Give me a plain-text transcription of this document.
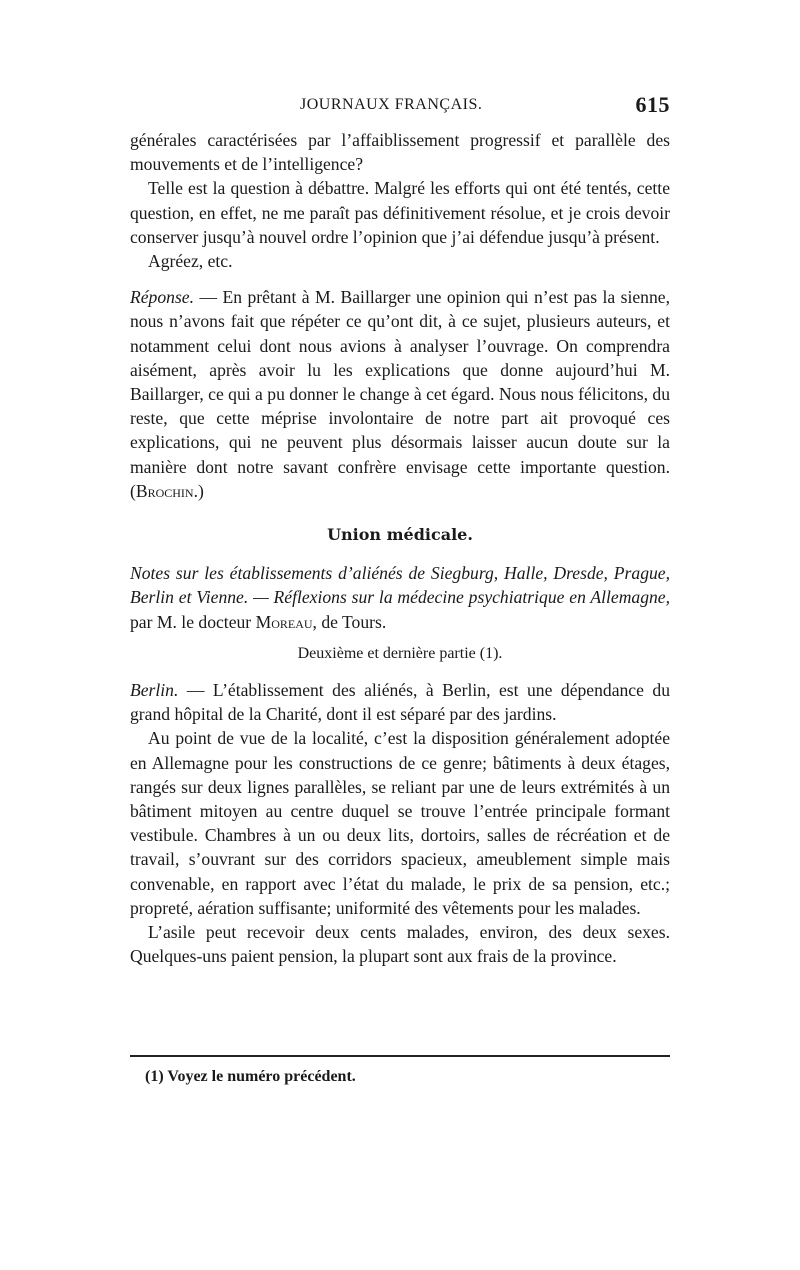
JOURNAUX FRANÇAIS.	615

générales caractérisées par l’affaiblissement progressif et parallèle des mouvements et de l’intelligence?

Telle est la question à débattre. Malgré les efforts qui ont été tentés, cette question, en effet, ne me paraît pas définitivement résolue, et je crois devoir conserver jusqu’à nouvel ordre l’opinion que j’ai défendue jusqu’à présent.

Agréez, etc.

Réponse. — En prêtant à M. Baillarger une opinion qui n’est pas la sienne, nous n’avons fait que répéter ce qu’ont dit, à ce sujet, plusieurs auteurs, et notamment celui dont nous avions à analyser l’ouvrage. On comprendra aisément, après avoir lu les explications que donne aujourd’hui M. Baillarger, ce qui a pu donner le change à cet égard. Nous nous félicitons, du reste, que cette méprise involontaire de notre part ait provoqué ces explications, qui ne peuvent plus désormais laisser aucun doute sur la manière dont notre savant confrère envisage cette importante question. (Brochin.)

Union médicale.

Notes sur les établissements d’aliénés de Siegburg, Halle, Dresde, Prague, Berlin et Vienne. — Réflexions sur la médecine psychiatrique en Allemagne, par M. le docteur Moreau, de Tours.

Deuxième et dernière partie (1).

Berlin. — L’établissement des aliénés, à Berlin, est une dépendance du grand hôpital de la Charité, dont il est séparé par des jardins.

Au point de vue de la localité, c’est la disposition généralement adoptée en Allemagne pour les constructions de ce genre; bâtiments à deux étages, rangés sur deux lignes parallèles, se reliant par une de leurs extrémités à un bâtiment mitoyen au centre duquel se trouve l’entrée principale formant vestibule. Chambres à un ou deux lits, dortoirs, salles de récréation et de travail, s’ouvrant sur des corridors spacieux, ameublement simple mais convenable, en rapport avec l’état du malade, le prix de sa pension, etc.; propreté, aération suffisante; uniformité des vêtements pour les malades.

L’asile peut recevoir deux cents malades, environ, des deux sexes. Quelques-uns paient pension, la plupart sont aux frais de la province.

(1) Voyez le numéro précédent.
